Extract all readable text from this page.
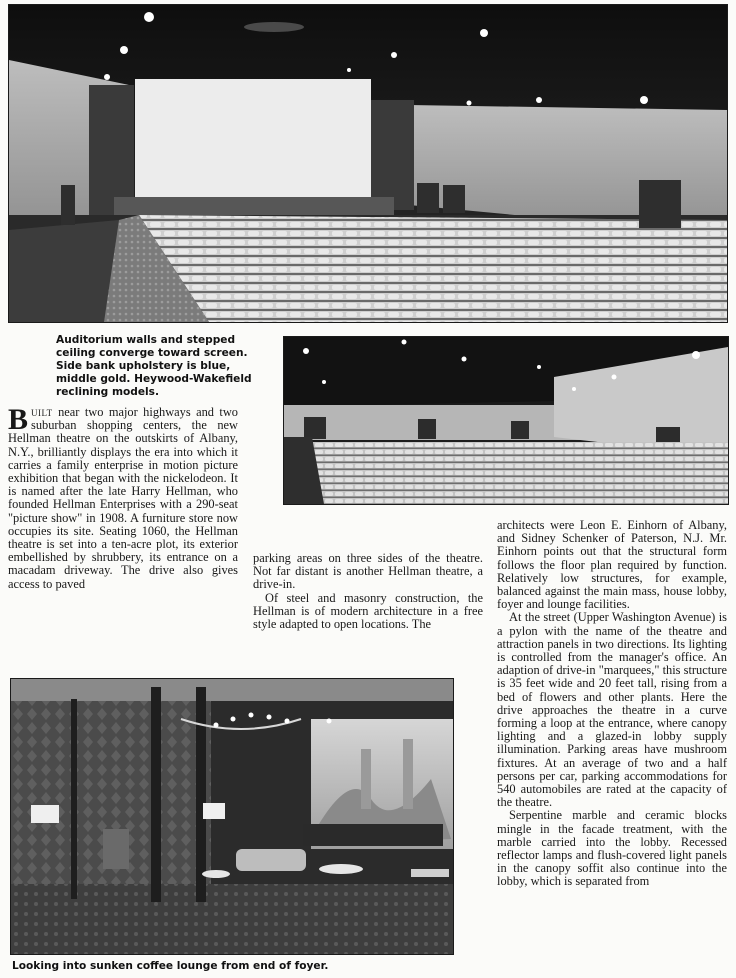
Auditorium walls and stepped ceiling converge toward screen. Side bank upholstery is blue, middle gold. Heywood-Wakefield reclining models.

Built near two major highways and two suburban shopping centers, the new Hellman theatre on the outskirts of Albany, N.Y., brilliantly displays the era into which it carries a family enterprise in motion picture exhibition that began with the nickelodeon. It is named after the late Harry Hellman, who founded Hellman Enterprises with a 290-seat "picture show" in 1908. A furniture store now occupies its site. Seating 1060, the Hellman theatre is set into a ten-acre plot, its exterior embellished by shrubbery, its entrance on a macadam driveway. The drive also gives access to paved

parking areas on three sides of the theatre. Not far distant is another Hellman theatre, a drive-in.

Of steel and masonry construction, the Hellman is of modern architecture in a free style adapted to open locations. The

architects were Leon E. Einhorn of Albany, and Sidney Schenker of Paterson, N.J. Mr. Einhorn points out that the structural form follows the floor plan required by function. Relatively low structures, for example, balanced against the main mass, house lobby, foyer and lounge facilities.

At the street (Upper Washington Avenue) is a pylon with the name of the theatre and attraction panels in two directions. Its lighting is controlled from the manager's office. An adaption of drive-in "marquees," this structure is 35 feet wide and 20 feet tall, rising from a bed of flowers and other plants. Here the drive approaches the theatre in a curve forming a loop at the entrance, where canopy lighting and a glazed-in lobby supply illumination. Parking areas have mushroom fixtures. At an average of two and a half persons per car, parking accommodations for 540 automobiles are rated at the capacity of the theatre.

Serpentine marble and ceramic blocks mingle in the facade treatment, with the marble carried into the lobby. Recessed reflector lamps and flush-covered light panels in the canopy soffit also continue into the lobby, which is separated from

Looking into sunken coffee lounge from end of foyer.
